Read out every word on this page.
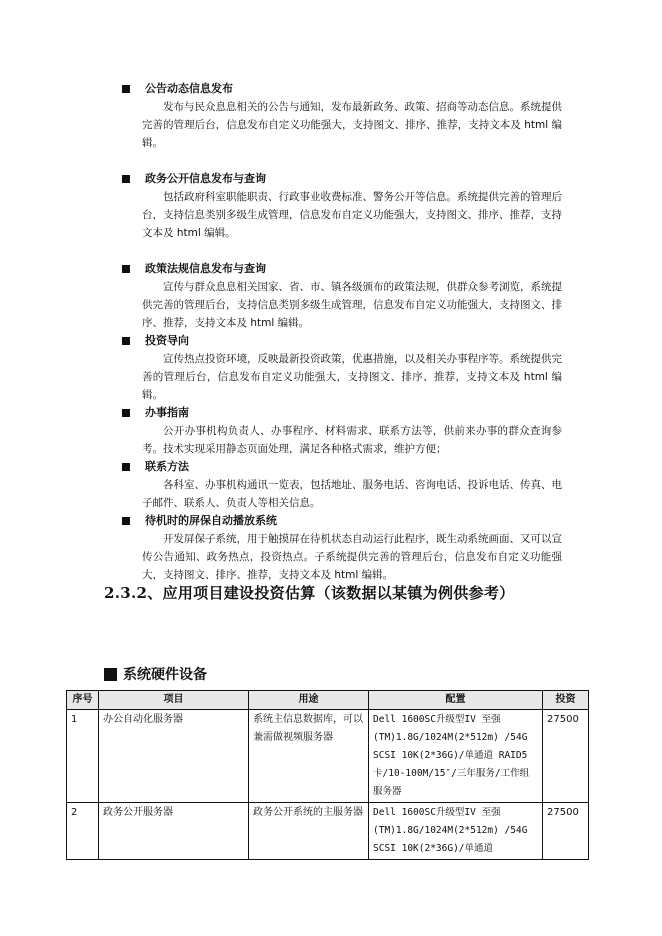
公告动态信息发布
发布与民众息息相关的公告与通知，发布最新政务、政策、招商等动态信息。系统提供完善的管理后台，信息发布自定义功能强大，支持图文、排序、推荐，支持文本及 html 编辑。
政务公开信息发布与查询
包括政府科室职能职责、行政事业收费标准、警务公开等信息。系统提供完善的管理后台，支持信息类别多级生成管理，信息发布自定义功能强大，支持图文、排序、推荐，支持文本及 html 编辑。
政策法规信息发布与查询
宣传与群众息息相关国家、省、市、镇各级颁布的政策法规，供群众参考浏览，系统提供完善的管理后台，支持信息类别多级生成管理，信息发布自定义功能强大，支持图文、排序、推荐，支持文本及 html 编辑。
投资导向
宣传热点投资环境，反映最新投资政策，优惠措施，以及相关办事程序等。系统提供完善的管理后台，信息发布自定义功能强大，支持图文、排序、推荐，支持文本及 html 编辑。
办事指南
公开办事机构负责人、办事程序、材料需求、联系方法等，供前来办事的群众查询参考。技术实现采用静态页面处理，满足各种格式需求，维护方便；
联系方法
各科室、办事机构通讯一览表，包括地址、服务电话、咨询电话、投诉电话、传真、电子邮件、联系人、负责人等相关信息。
待机时的屏保自动播放系统
开发屏保子系统，用于触摸屏在待机状态自动运行此程序，既生动系统画面、又可以宣传公告通知、政务热点，投资热点。子系统提供完善的管理后台，信息发布自定义功能强大，支持图文、排序、推荐，支持文本及 html 编辑。
2.3.2、应用项目建设投资估算（该数据以某镇为例供参考）
系统硬件设备
序号	项目	用途	配置	投资
1	办公自动化服务器	系统主信息数据库，可以兼需做视频服务器	Dell 1600SC升级型IV 至强(TM)1.8G/1024M(2*512m) /54G SCSI 10K(2*36G)/单通道 RAID5卡/10-100M/15″/三年服务/工作组服务器	27500
2	政务公开服务器	政务公开系统的主服务器	Dell 1600SC升级型IV 至强(TM)1.8G/1024M(2*512m) /54G SCSI 10K(2*36G)/单通道	27500
